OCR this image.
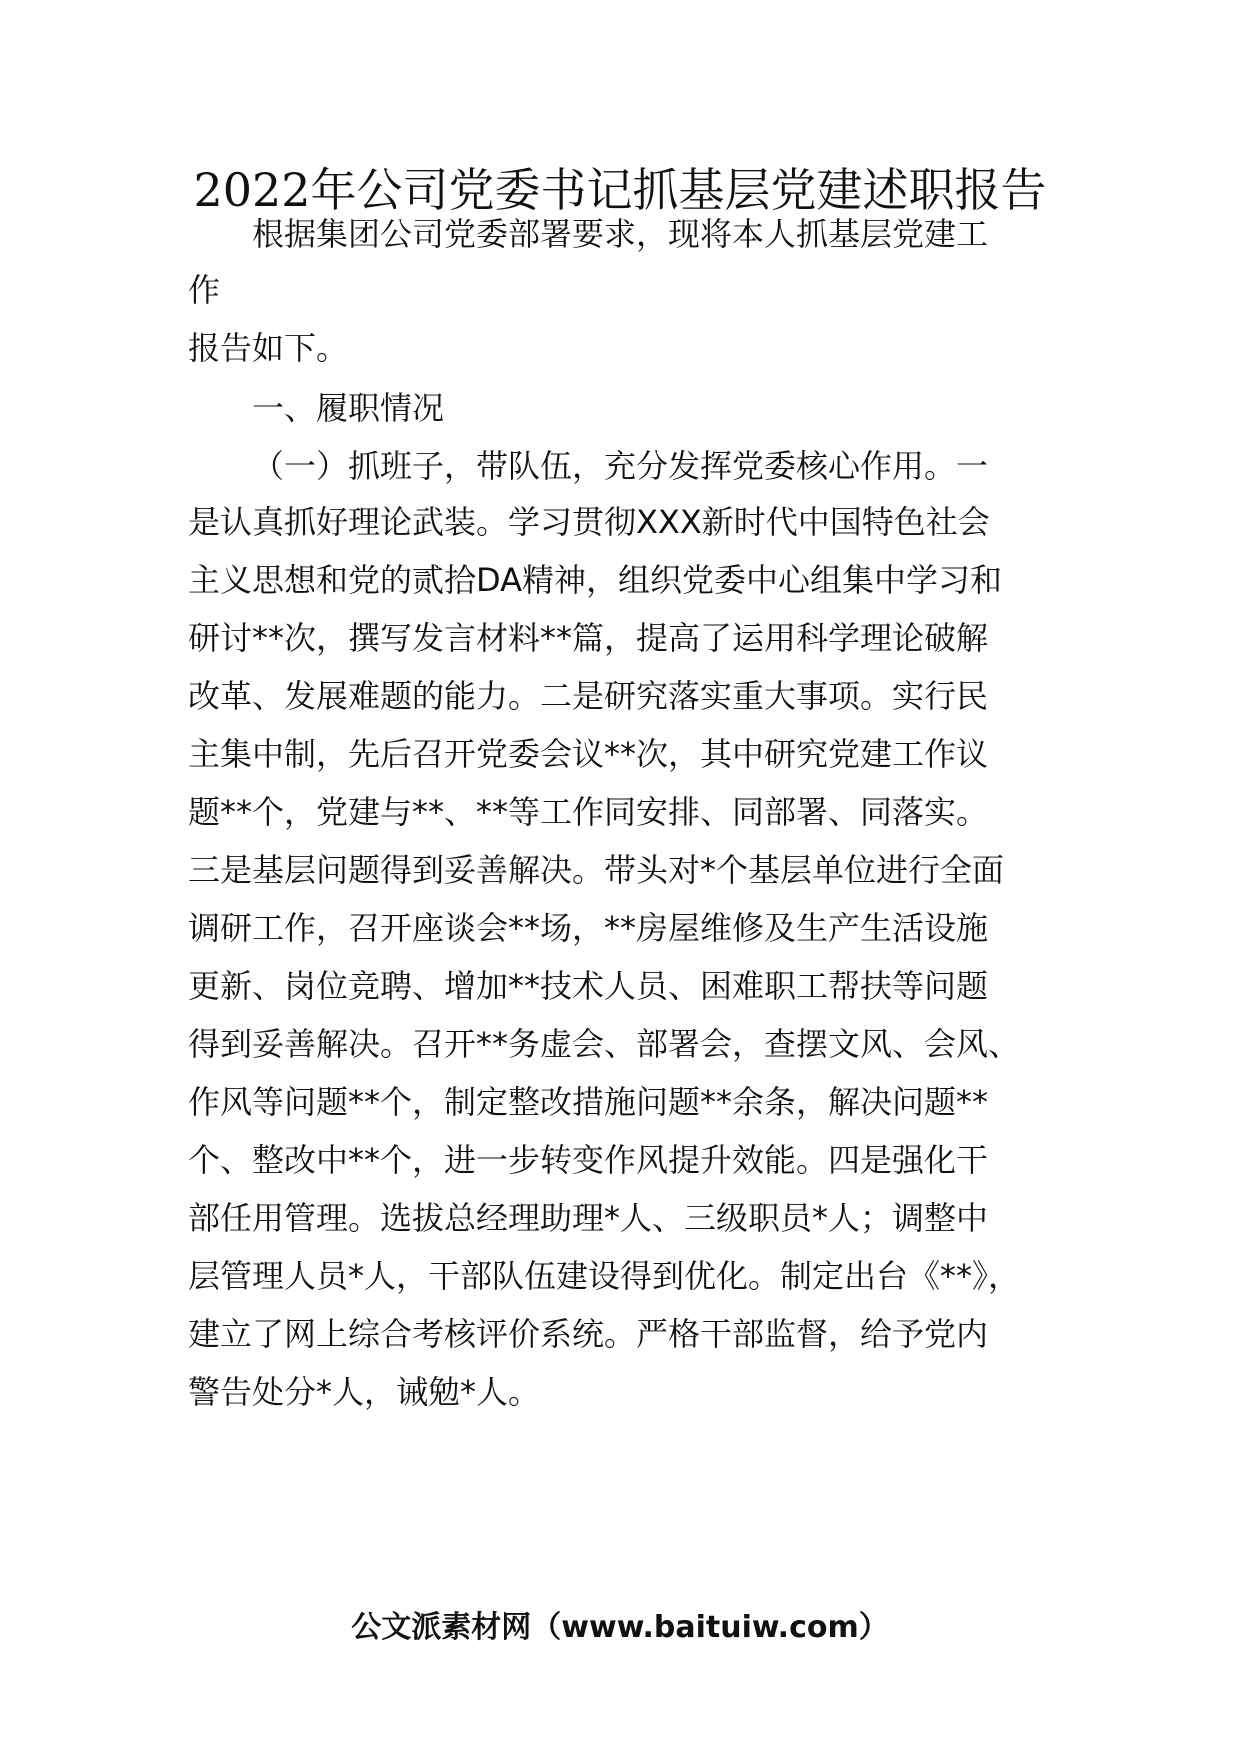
2022年公司党委书记抓基层党建述职报告

根据集团公司党委部署要求，现将本人抓基层党建工

作

报告如下。

一、履职情况

（一）抓班子，带队伍，充分发挥党委核心作用。一

是认真抓好理论武装。学习贯彻XXX新时代中国特色社会

主义思想和党的贰拾DA精神，组织党委中心组集中学习和

研讨**次，撰写发言材料**篇，提高了运用科学理论破解

改革、发展难题的能力。二是研究落实重大事项。实行民

主集中制，先后召开党委会议**次，其中研究党建工作议

题**个，党建与**、**等工作同安排、同部署、同落实。

三是基层问题得到妥善解决。带头对*个基层单位进行全面

调研工作，召开座谈会**场，**房屋维修及生产生活设施

更新、岗位竞聘、增加**技术人员、困难职工帮扶等问题

得到妥善解决。召开**务虚会、部署会，查摆文风、会风、

作风等问题**个，制定整改措施问题**余条，解决问题**

个、整改中**个，进一步转变作风提升效能。四是强化干

部任用管理。选拔总经理助理*人、三级职员*人；调整中

层管理人员*人，干部队伍建设得到优化。制定出台《**》，

建立了网上综合考核评价系统。严格干部监督，给予党内

警告处分*人，诫勉*人。

公文派素材网（www.baituiw.com）
